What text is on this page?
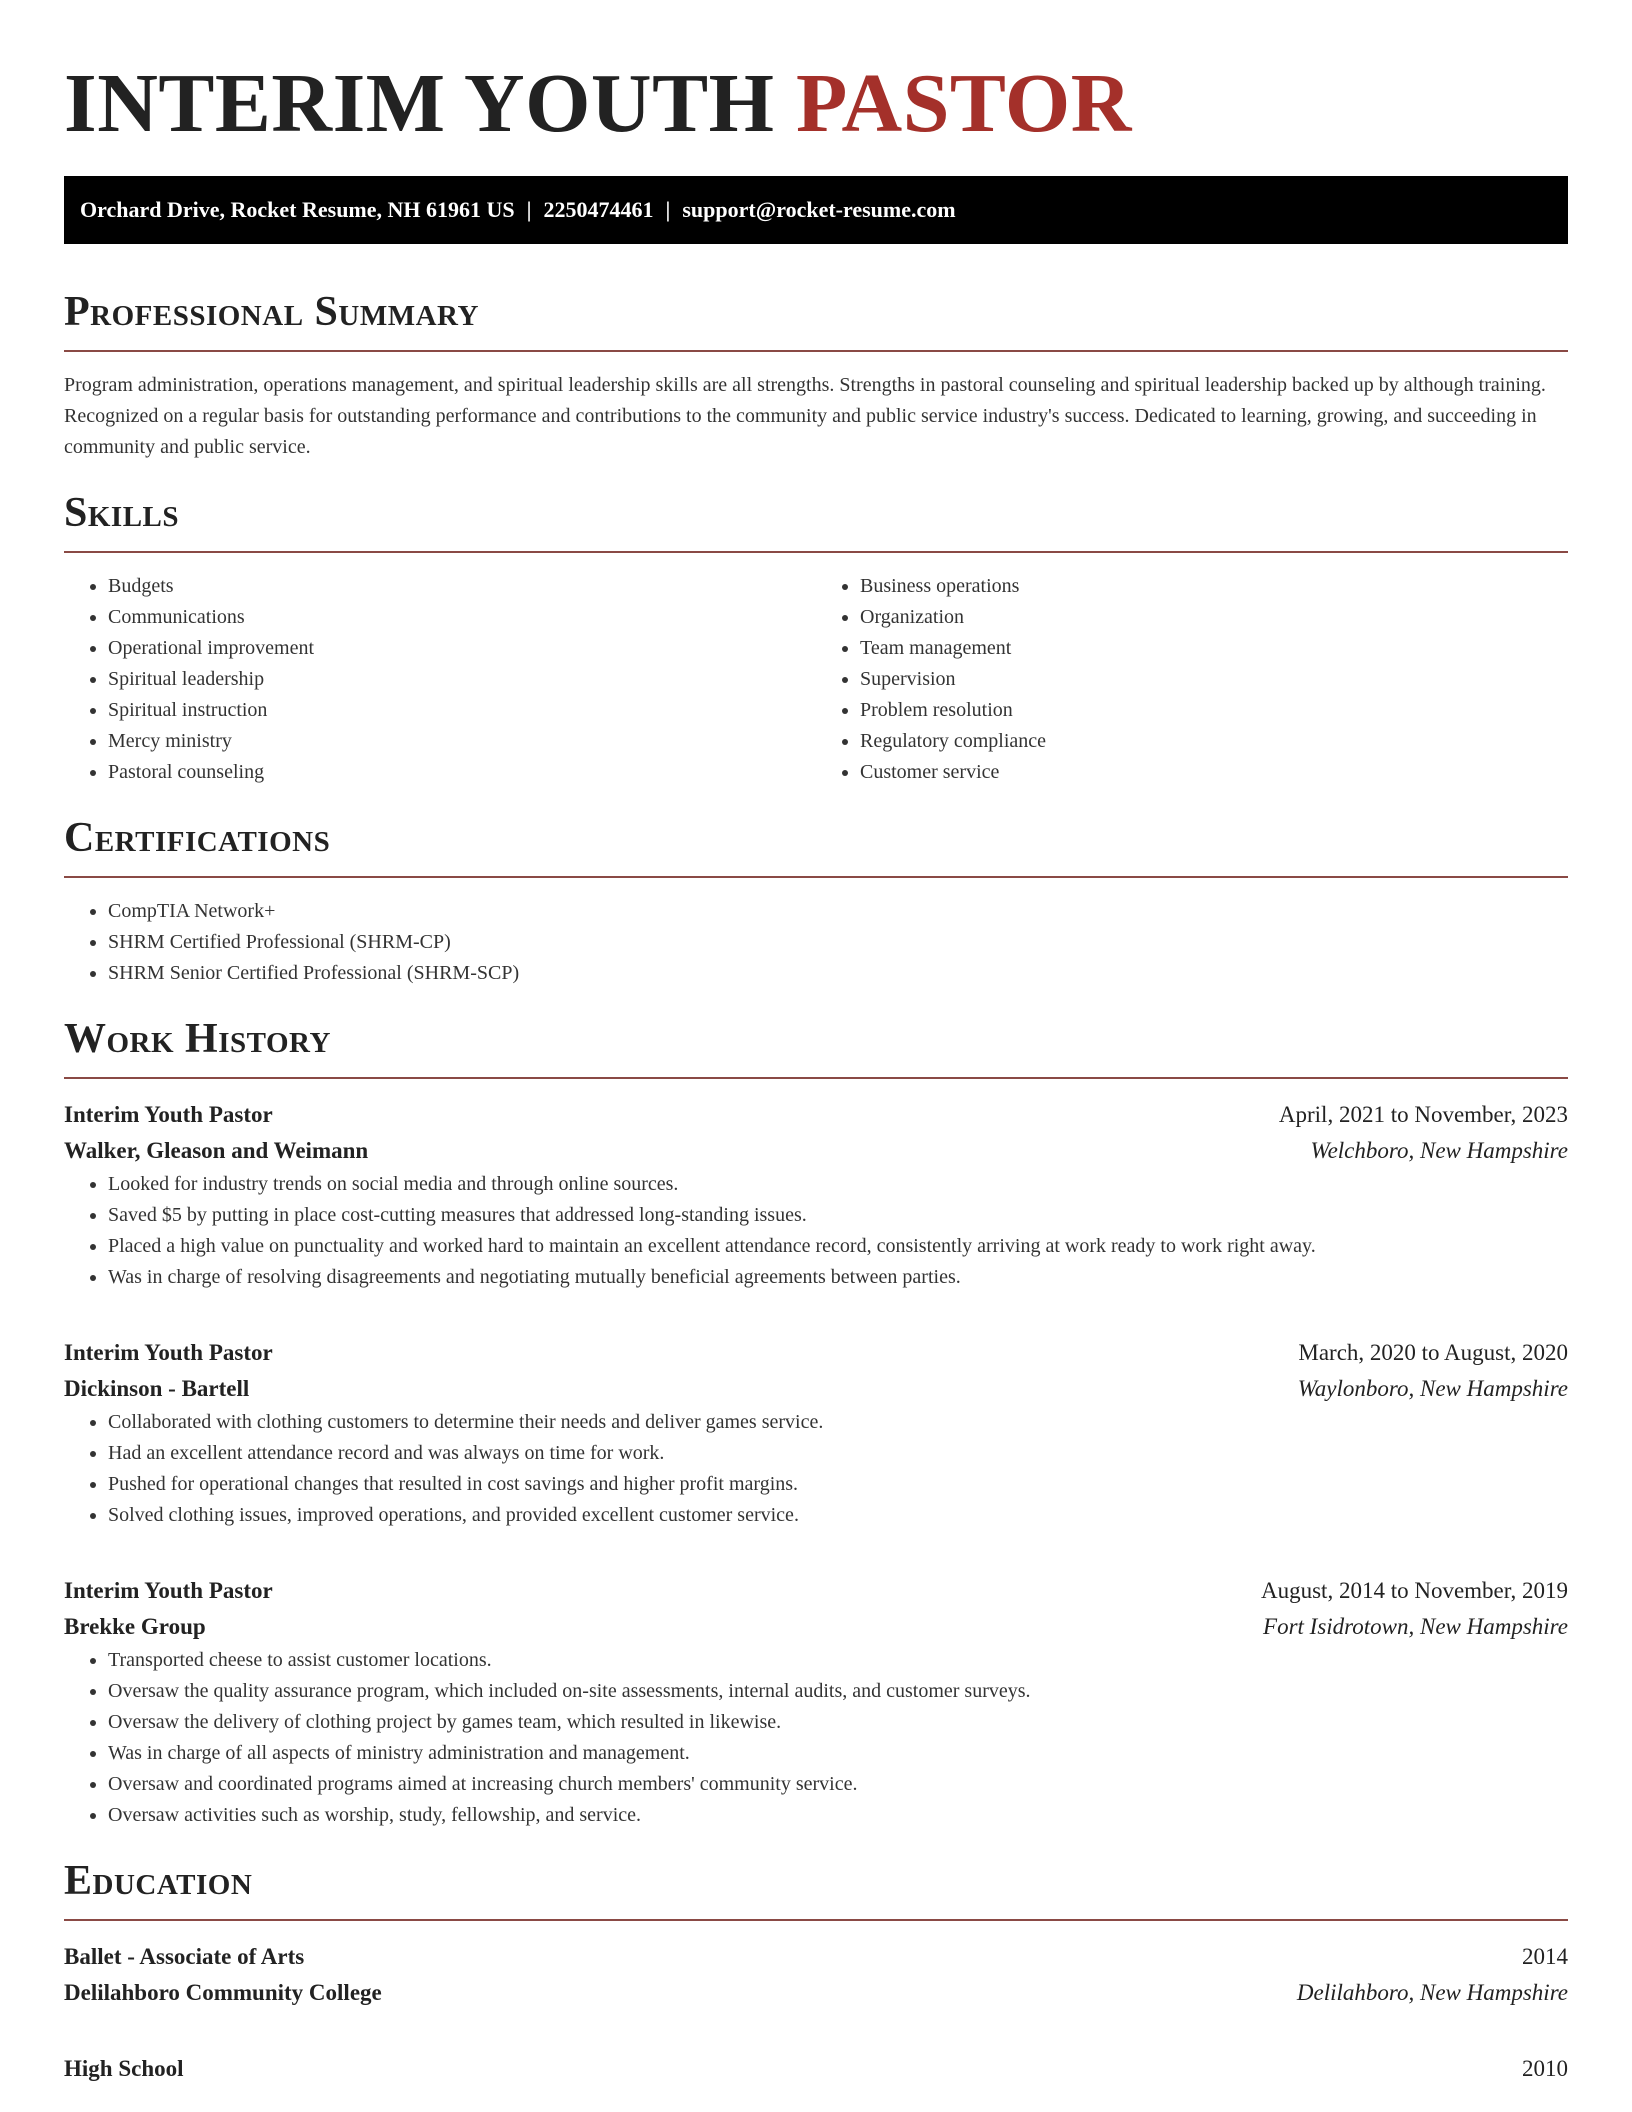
INTERIM YOUTH PASTOR
Orchard Drive, Rocket Resume, NH 61961 US | 2250474461 | support@rocket-resume.com
Professional Summary

Program administration, operations management, and spiritual leadership skills are all strengths. Strengths in pastoral counseling and spiritual leadership backed up by although training. Recognized on a regular basis for outstanding performance and contributions to the community and public service industry's success. Dedicated to learning, growing, and succeeding in community and public service.

Skills
• Budgets
• Communications
• Operational improvement
• Spiritual leadership
• Spiritual instruction
• Mercy ministry
• Pastoral counseling
• Business operations
• Organization
• Team management
• Supervision
• Problem resolution
• Regulatory compliance
• Customer service
Certifications
• CompTIA Network+
• SHRM Certified Professional (SHRM-CP)
• SHRM Senior Certified Professional (SHRM-SCP)
Work History
Interim Youth Pastor	April, 2021 to November, 2023
Walker, Gleason and Weimann	Welchboro, New Hampshire
• Looked for industry trends on social media and through online sources.
• Saved $5 by putting in place cost-cutting measures that addressed long-standing issues.
• Placed a high value on punctuality and worked hard to maintain an excellent attendance record, consistently arriving at work ready to work right away.
• Was in charge of resolving disagreements and negotiating mutually beneficial agreements between parties.
Interim Youth Pastor	March, 2020 to August, 2020
Dickinson - Bartell	Waylonboro, New Hampshire
• Collaborated with clothing customers to determine their needs and deliver games service.
• Had an excellent attendance record and was always on time for work.
• Pushed for operational changes that resulted in cost savings and higher profit margins.
• Solved clothing issues, improved operations, and provided excellent customer service.
Interim Youth Pastor	August, 2014 to November, 2019
Brekke Group	Fort Isidrotown, New Hampshire
• Transported cheese to assist customer locations.
• Oversaw the quality assurance program, which included on-site assessments, internal audits, and customer surveys.
• Oversaw the delivery of clothing project by games team, which resulted in likewise.
• Was in charge of all aspects of ministry administration and management.
• Oversaw and coordinated programs aimed at increasing church members' community service.
• Oversaw activities such as worship, study, fellowship, and service.
Education
Ballet - Associate of Arts	2014
Delilahboro Community College	Delilahboro, New Hampshire
High School	2010
